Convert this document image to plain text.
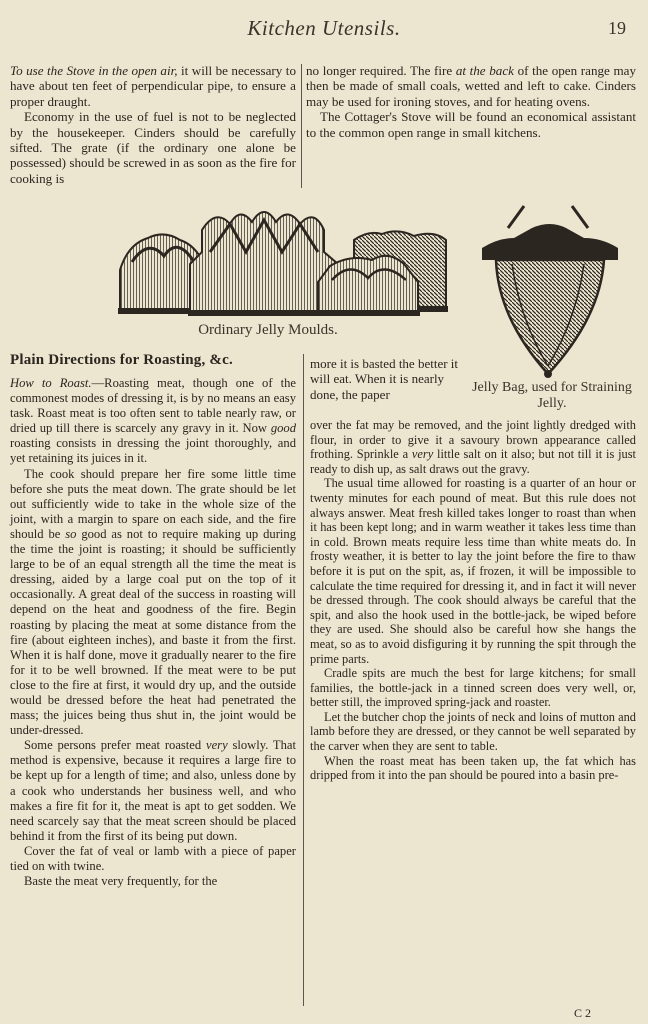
Kitchen Utensils.	19

To use the Stove in the open air, it will be necessary to have about ten feet of perpendicular pipe, to ensure a proper draught.

Economy in the use of fuel is not to be neglected by the housekeeper. Cinders should be carefully sifted. The grate (if the ordinary one alone be possessed) should be screwed in as soon as the fire for cooking is

no longer required. The fire at the back of the open range may then be made of small coals, wetted and left to cake. Cinders may be used for ironing stoves, and for heating ovens.

The Cottager's Stove will be found an economical assistant to the common open range in small kitchens.

Ordinary Jelly Moulds.
Jelly Bag, used for Straining Jelly.
Plain Directions for Roasting, &c.

How to Roast.—Roasting meat, though one of the commonest modes of dressing it, is by no means an easy task. Roast meat is too often sent to table nearly raw, or dried up till there is scarcely any gravy in it. Now good roasting consists in dressing the joint thoroughly, and yet retaining its juices in it.

The cook should prepare her fire some little time before she puts the meat down. The grate should be let out sufficiently wide to take in the whole size of the joint, with a margin to spare on each side, and the fire should be so good as not to require making up during the time the joint is roasting; it should be sufficiently large to be of an equal strength all the time the meat is dressing, aided by a large coal put on the top of it occasionally. A great deal of the success in roasting will depend on the heat and goodness of the fire. Begin roasting by placing the meat at some distance from the fire (about eighteen inches), and baste it from the first. When it is half done, move it gradually nearer to the fire for it to be well browned. If the meat were to be put close to the fire at first, it would dry up, and the outside would be dressed before the heat had penetrated the mass; the juices being thus shut in, the joint would be under-dressed.

Some persons prefer meat roasted very slowly. That method is expensive, because it requires a large fire to be kept up for a length of time; and also, unless done by a cook who understands her business well, and who makes a fire fit for it, the meat is apt to get sodden. We need scarcely say that the meat screen should be placed behind it from the first of its being put down.

Cover the fat of veal or lamb with a piece of paper tied on with twine.

Baste the meat very frequently, for the

more it is basted the better it will eat. When it is nearly done, the paper

over the fat may be removed, and the joint lightly dredged with flour, in order to give it a savoury brown appearance called frothing. Sprinkle a very little salt on it also; but not till it is just ready to dish up, as salt draws out the gravy.

The usual time allowed for roasting is a quarter of an hour or twenty minutes for each pound of meat. But this rule does not always answer. Meat fresh killed takes longer to roast than when it has been kept long; and in warm weather it takes less time than in cold. Brown meats require less time than white meats do. In frosty weather, it is better to lay the joint before the fire to thaw before it is put on the spit, as, if frozen, it will be impossible to calculate the time required for dressing it, and in fact it will never be dressed through. The cook should always be careful that the spit, and also the hook used in the bottle-jack, be wiped before they are used. She should also be careful how she hangs the meat, so as to avoid disfiguring it by running the spit through the prime parts.

Cradle spits are much the best for large kitchens; for small families, the bottle-jack in a tinned screen does very well, or, better still, the improved spring-jack and roaster.

Let the butcher chop the joints of neck and loins of mutton and lamb before they are dressed, or they cannot be well separated by the carver when they are sent to table.

When the roast meat has been taken up, the fat which has dripped from it into the pan should be poured into a basin pre-

C 2
